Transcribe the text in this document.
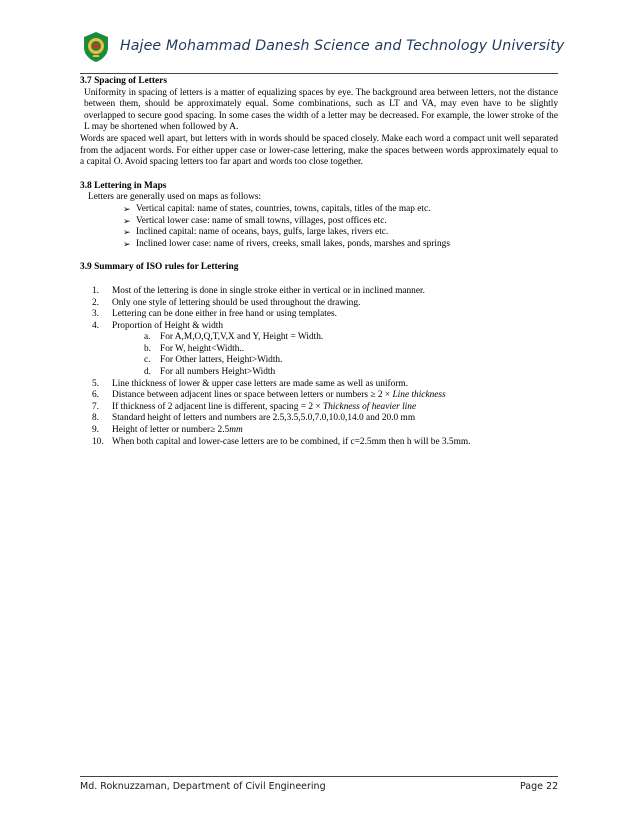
Hajee Mohammad Danesh Science and Technology University
3.7 Spacing of Letters

Uniformity in spacing of letters is a matter of equalizing spaces by eye. The background area between letters, not the distance between them, should be approximately equal. Some combinations, such as LT and VA, may even have to be slightly overlapped to secure good spacing. In some cases the width of a letter may be decreased. For example, the lower stroke of the L may be shortened when followed by A.

Words are spaced well apart, but letters with in words should be spaced closely. Make each word a compact unit well separated from the adjacent words. For either upper case or lower-case lettering, make the spaces between words approximately equal to a capital O. Avoid spacing letters too far apart and words too close together.

3.8 Lettering in Maps

Letters are generally used on maps as follows:

➢ Vertical capital: name of states, countries, towns, capitals, titles of the map etc.
➢ Vertical lower case: name of small towns, villages, post offices etc.
➢ Inclined capital: name of oceans, bays, gulfs, large lakes, rivers etc.
➢ Inclined lower case: name of rivers, creeks, small lakes, ponds, marshes and springs
3.9 Summary of ISO rules for Lettering
1.	Most of the lettering is done in single stroke either in vertical or in inclined manner.
2.	Only one style of lettering should be used throughout the drawing.
3.	Lettering can be done either in free hand or using templates.
4.	Proportion of Height & width
a. For A,M,O,Q,T,V,X and Y, Height = Width.
b. For W, height<Width..
c. For Other latters, Height>Width.
d. For all numbers Height>Width
5.	Line thickness of lower & upper case letters are made same as well as uniform.
6.	Distance between adjacent lines or space between letters or numbers ≥ 2 × Line thickness
7.	If thickness of 2 adjacent line is different, spacing = 2 × Thickness of heavier line
8.	Standard height of letters and numbers are 2.5,3.5,5.0,7.0,10.0,14.0 and 20.0 mm
9.	Height of letter or number≥ 2.5mm
10. When both capital and lower-case letters are to be combined, if c=2.5mm then h will be 3.5mm.
Md. Roknuzzaman, Department of Civil Engineering	Page 22
